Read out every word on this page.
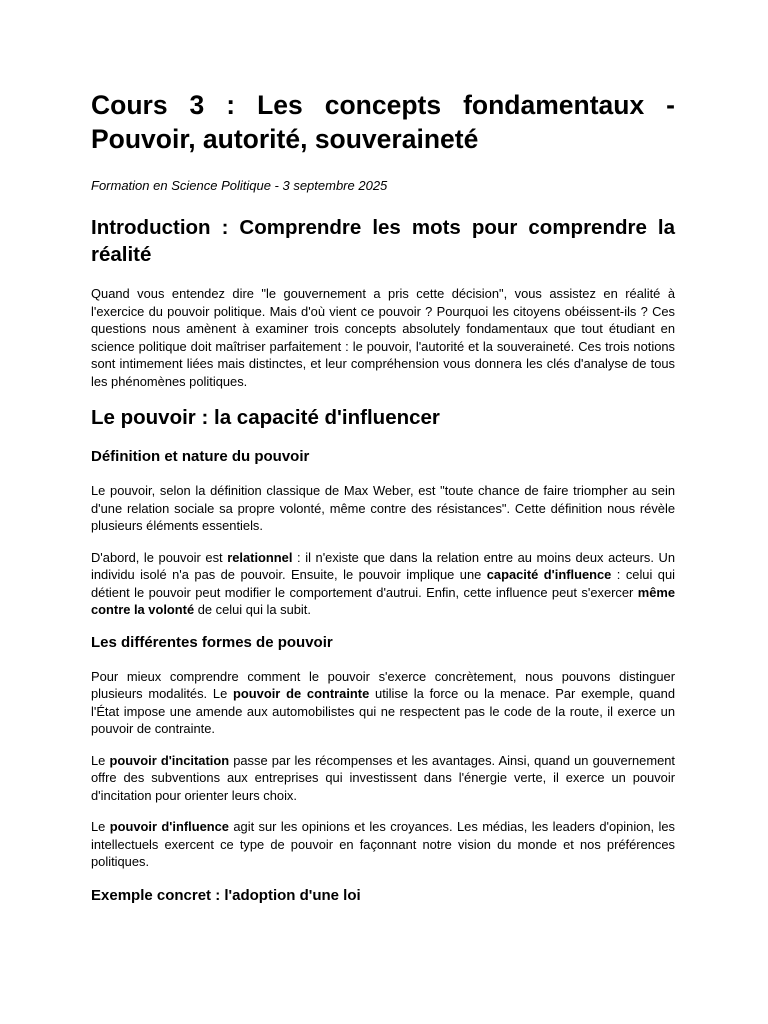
Cours 3 : Les concepts fondamentaux - Pouvoir, autorité, souveraineté
Formation en Science Politique - 3 septembre 2025
Introduction : Comprendre les mots pour comprendre la réalité

Quand vous entendez dire "le gouvernement a pris cette décision", vous assistez en réalité à l'exercice du pouvoir politique. Mais d'où vient ce pouvoir ? Pourquoi les citoyens obéissent-ils ? Ces questions nous amènent à examiner trois concepts absolutely fondamentaux que tout étudiant en science politique doit maîtriser parfaitement : le pouvoir, l'autorité et la souveraineté. Ces trois notions sont intimement liées mais distinctes, et leur compréhension vous donnera les clés d'analyse de tous les phénomènes politiques.

Le pouvoir : la capacité d'influencer
Définition et nature du pouvoir

Le pouvoir, selon la définition classique de Max Weber, est "toute chance de faire triompher au sein d'une relation sociale sa propre volonté, même contre des résistances". Cette définition nous révèle plusieurs éléments essentiels.

D'abord, le pouvoir est relationnel : il n'existe que dans la relation entre au moins deux acteurs. Un individu isolé n'a pas de pouvoir. Ensuite, le pouvoir implique une capacité d'influence : celui qui détient le pouvoir peut modifier le comportement d'autrui. Enfin, cette influence peut s'exercer même contre la volonté de celui qui la subit.

Les différentes formes de pouvoir

Pour mieux comprendre comment le pouvoir s'exerce concrètement, nous pouvons distinguer plusieurs modalités. Le pouvoir de contrainte utilise la force ou la menace. Par exemple, quand l'État impose une amende aux automobilistes qui ne respectent pas le code de la route, il exerce un pouvoir de contrainte.

Le pouvoir d'incitation passe par les récompenses et les avantages. Ainsi, quand un gouvernement offre des subventions aux entreprises qui investissent dans l'énergie verte, il exerce un pouvoir d'incitation pour orienter leurs choix.

Le pouvoir d'influence agit sur les opinions et les croyances. Les médias, les leaders d'opinion, les intellectuels exercent ce type de pouvoir en façonnant notre vision du monde et nos préférences politiques.

Exemple concret : l'adoption d'une loi
